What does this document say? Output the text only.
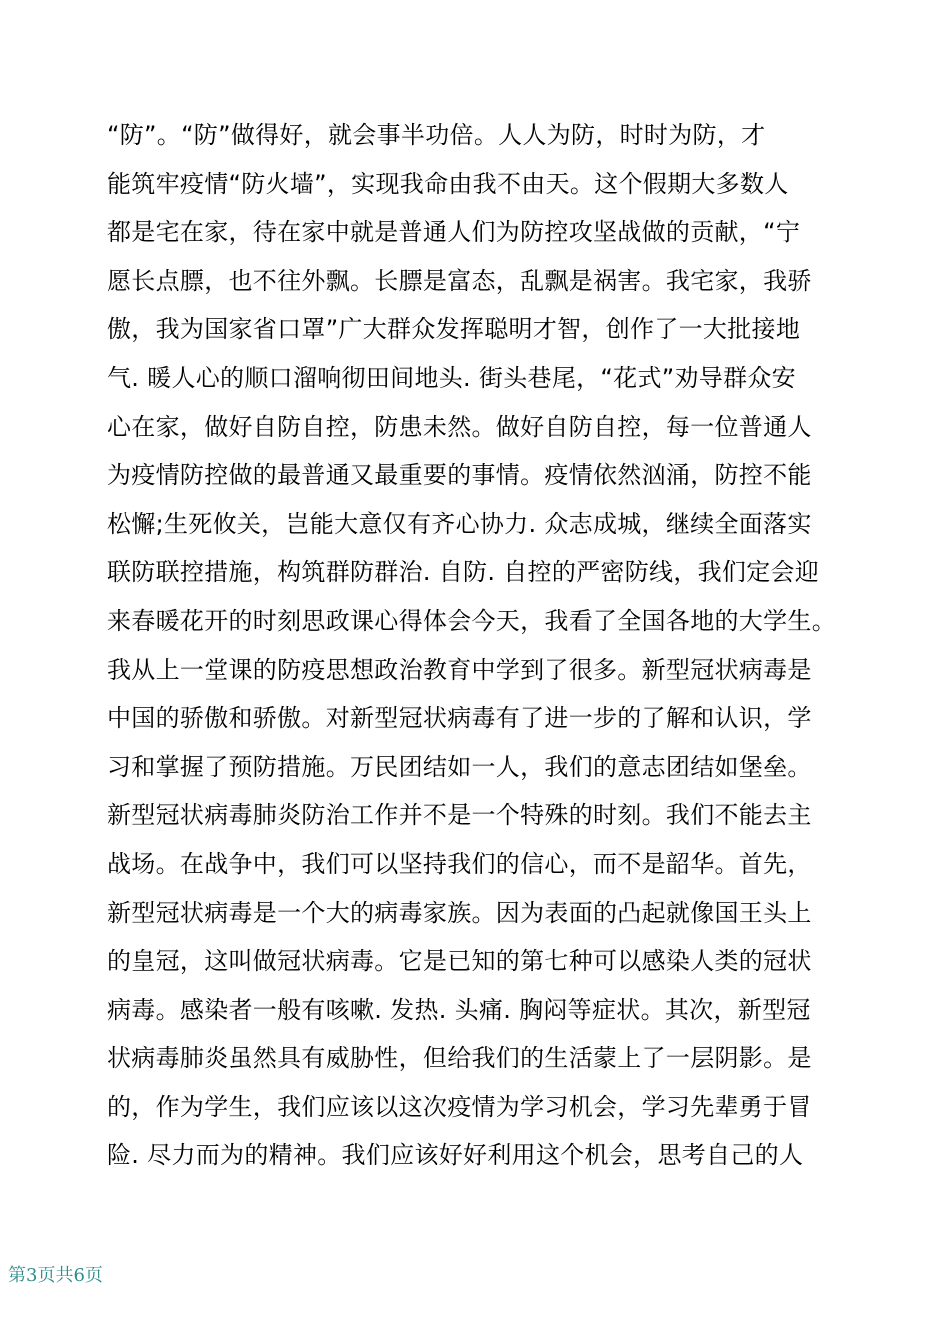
“防”。“防”做得好，就会事半功倍。人人为防，时时为防，才
能筑牢疫情“防火墙”，实现我命由我不由天。这个假期大多数人
都是宅在家，待在家中就是普通人们为防控攻坚战做的贡献，“宁
愿长点膘，也不往外飘。长膘是富态，乱飘是祸害。我宅家，我骄
傲，我为国家省口罩”广大群众发挥聪明才智，创作了一大批接地
气. 暖人心的顺口溜响彻田间地头. 街头巷尾，“花式”劝导群众安
心在家，做好自防自控，防患未然。做好自防自控，每一位普通人
为疫情防控做的最普通又最重要的事情。疫情依然汹涌，防控不能
松懈;生死攸关，岂能大意仅有齐心协力. 众志成城，继续全面落实
联防联控措施，构筑群防群治. 自防. 自控的严密防线，我们定会迎
来春暖花开的时刻思政课心得体会今天，我看了全国各地的大学生。
我从上一堂课的防疫思想政治教育中学到了很多。新型冠状病毒是
中国的骄傲和骄傲。对新型冠状病毒有了进一步的了解和认识，学
习和掌握了预防措施。万民团结如一人，我们的意志团结如堡垒。
新型冠状病毒肺炎防治工作并不是一个特殊的时刻。我们不能去主
战场。在战争中，我们可以坚持我们的信心，而不是韶华。首先，
新型冠状病毒是一个大的病毒家族。因为表面的凸起就像国王头上
的皇冠，这叫做冠状病毒。它是已知的第七种可以感染人类的冠状
病毒。感染者一般有咳嗽. 发热. 头痛. 胸闷等症状。其次，新型冠
状病毒肺炎虽然具有威胁性，但给我们的生活蒙上了一层阴影。是
的，作为学生，我们应该以这次疫情为学习机会，学习先辈勇于冒
险. 尽力而为的精神。我们应该好好利用这个机会，思考自己的人
第3页共6页
